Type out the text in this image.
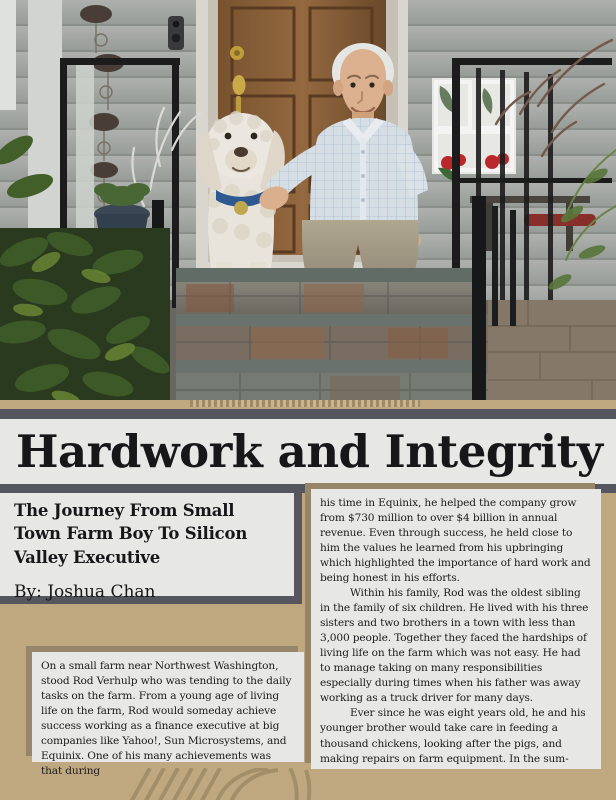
Hardwork and Integrity

The Journey From Small Town Farm Boy To Silicon Valley Executive

By: Joshua Chan

his time in Equinix, he helped the company grow from $730 million to over $4 billion in annual revenue. Even through success, he held close to him the values he learned from his upbringing which highlighted the importance of hard work and being honest in his efforts.

Within his family, Rod was the oldest sibling in the family of six children. He lived with his three sisters and two brothers in a town with less than 3,000 people. Together they faced the hardships of living life on the farm which was not easy. He had to manage taking on many responsibilities especially during times when his father was away working as a truck driver for many days.

Ever since he was eight years old, he and his younger brother would take care in feeding a thousand chickens, looking after the pigs, and making repairs on farm equipment. In the sum-

On a small farm near Northwest Washington, stood Rod Verhulp who was tending to the daily tasks on the farm. From a young age of living life on the farm, Rod would someday achieve success working as a finance executive at big companies like Yahoo!, Sun Microsystems, and Equinix. One of his many achievements was that during
